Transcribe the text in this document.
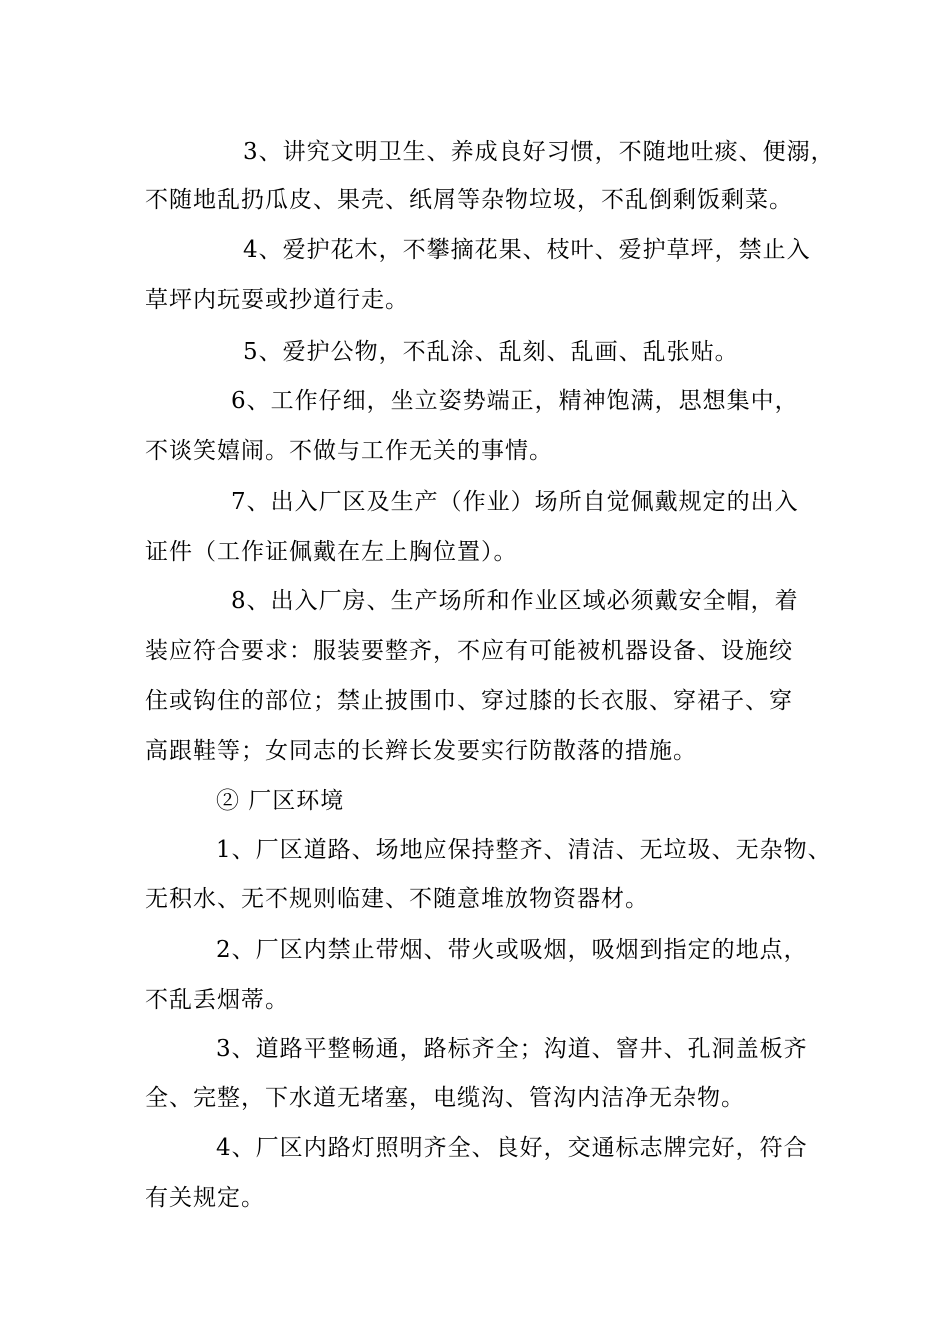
3、讲究文明卫生、养成良好习惯，不随地吐痰、便溺，
不随地乱扔瓜皮、果壳、纸屑等杂物垃圾，不乱倒剩饭剩菜。
4、爱护花木，不攀摘花果、枝叶、爱护草坪，禁止入
草坪内玩耍或抄道行走。
5、爱护公物，不乱涂、乱刻、乱画、乱张贴。
6、工作仔细，坐立姿势端正，精神饱满，思想集中，
不谈笑嬉闹。不做与工作无关的事情。
7、出入厂区及生产（作业）场所自觉佩戴规定的出入
证件（工作证佩戴在左上胸位置）。
8、出入厂房、生产场所和作业区域必须戴安全帽，着
装应符合要求：服装要整齐，不应有可能被机器设备、设施绞
住或钩住的部位；禁止披围巾、穿过膝的长衣服、穿裙子、穿
高跟鞋等；女同志的长辫长发要实行防散落的措施。
② 厂区环境
1、厂区道路、场地应保持整齐、清洁、无垃圾、无杂物、
无积水、无不规则临建、不随意堆放物资器材。
2、厂区内禁止带烟、带火或吸烟，吸烟到指定的地点，
不乱丢烟蒂。
3、道路平整畅通，路标齐全；沟道、窨井、孔洞盖板齐
全、完整，下水道无堵塞，电缆沟、管沟内洁净无杂物。
4、厂区内路灯照明齐全、良好，交通标志牌完好，符合
有关规定。
